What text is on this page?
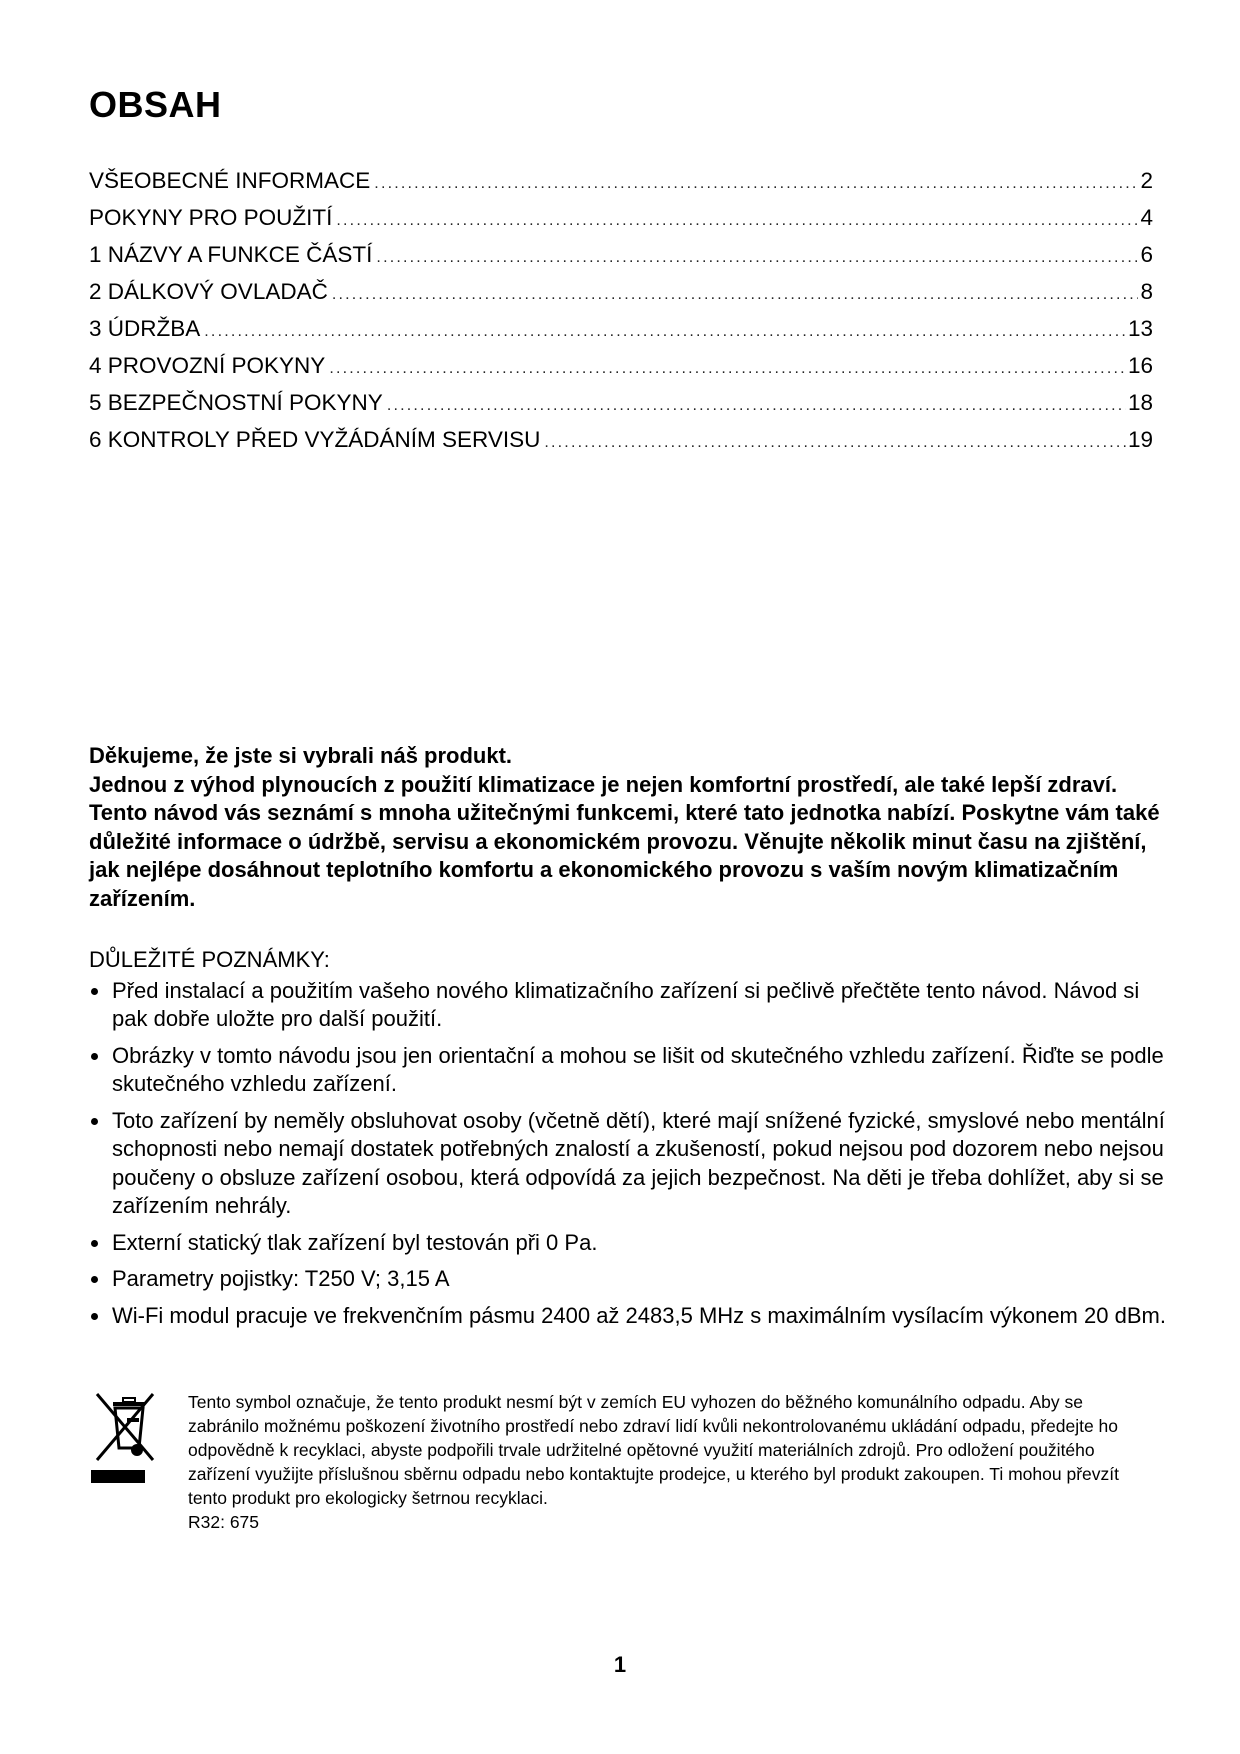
OBSAH
VŠEOBECNÉ INFORMACE .....	2
POKYNY PRO POUŽITÍ .....	4
1 NÁZVY A FUNKCE ČÁSTÍ .....	6
2 DÁLKOVÝ OVLADAČ .....	8
3 ÚDRŽBA .....	13
4 PROVOZNÍ POKYNY .....	16
5 BEZPEČNOSTNÍ POKYNY .....	18
6 KONTROLY PŘED VYŽÁDÁNÍM SERVISU .....	19

Děkujeme, že jste si vybrali náš produkt.

Jednou z výhod plynoucích z použití klimatizace je nejen komfortní prostředí, ale také lepší zdraví. Tento návod vás seznámí s mnoha užitečnými funkcemi, které tato jednotka nabízí. Poskytne vám také důležité informace o údržbě, servisu a ekonomickém provozu. Věnujte několik minut času na zjištění, jak nejlépe dosáhnout teplotního komfortu a ekonomického provozu s vaším novým klimatizačním zařízením.

DŮLEŽITÉ POZNÁMKY:

Před instalací a použitím vašeho nového klimatizačního zařízení si pečlivě přečtěte tento návod. Návod si pak dobře uložte pro další použití.
Obrázky v tomto návodu jsou jen orientační a mohou se lišit od skutečného vzhledu zařízení. Řiďte se podle skutečného vzhledu zařízení.
Toto zařízení by neměly obsluhovat osoby (včetně dětí), které mají snížené fyzické, smyslové nebo mentální schopnosti nebo nemají dostatek potřebných znalostí a zkušeností, pokud nejsou pod dozorem nebo nejsou poučeny o obsluze zařízení osobou, která odpovídá za jejich bezpečnost. Na děti je třeba dohlížet, aby si se zařízením nehrály.
Externí statický tlak zařízení byl testován při 0 Pa.
Parametry pojistky: T250 V; 3,15 A
Wi-Fi modul pracuje ve frekvenčním pásmu 2400 až 2483,5 MHz s maximálním vysílacím výkonem 20 dBm.

Tento symbol označuje, že tento produkt nesmí být v zemích EU vyhozen do běžného komunálního odpadu. Aby se zabránilo možnému poškození životního prostředí nebo zdraví lidí kvůli nekontrolovanému ukládání odpadu, předejte ho odpovědně k recyklaci, abyste podpořili trvale udržitelné opětovné využití materiálních zdrojů. Pro odložení použitého zařízení využijte příslušnou sběrnu odpadu nebo kontaktujte prodejce, u kterého byl produkt zakoupen. Ti mohou převzít tento produkt pro ekologicky šetrnou recyklaci.

R32: 675

1
